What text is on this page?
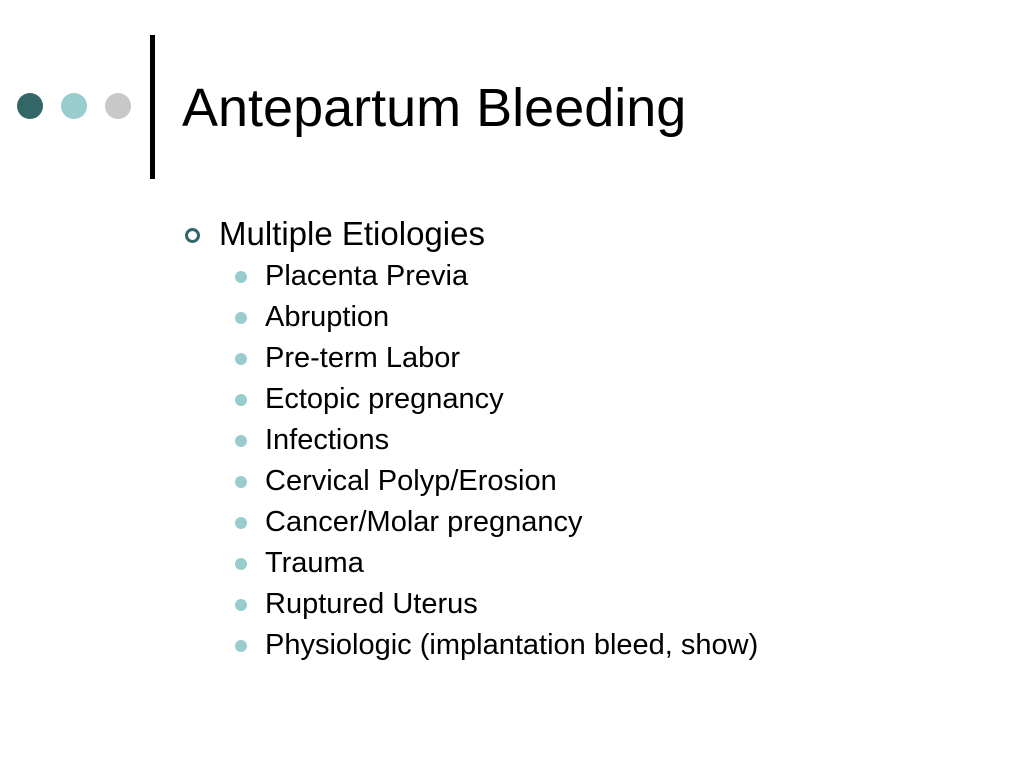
Antepartum Bleeding
Multiple Etiologies
Placenta Previa
Abruption
Pre-term Labor
Ectopic pregnancy
Infections
Cervical Polyp/Erosion
Cancer/Molar pregnancy
Trauma
Ruptured Uterus
Physiologic (implantation bleed, show)
